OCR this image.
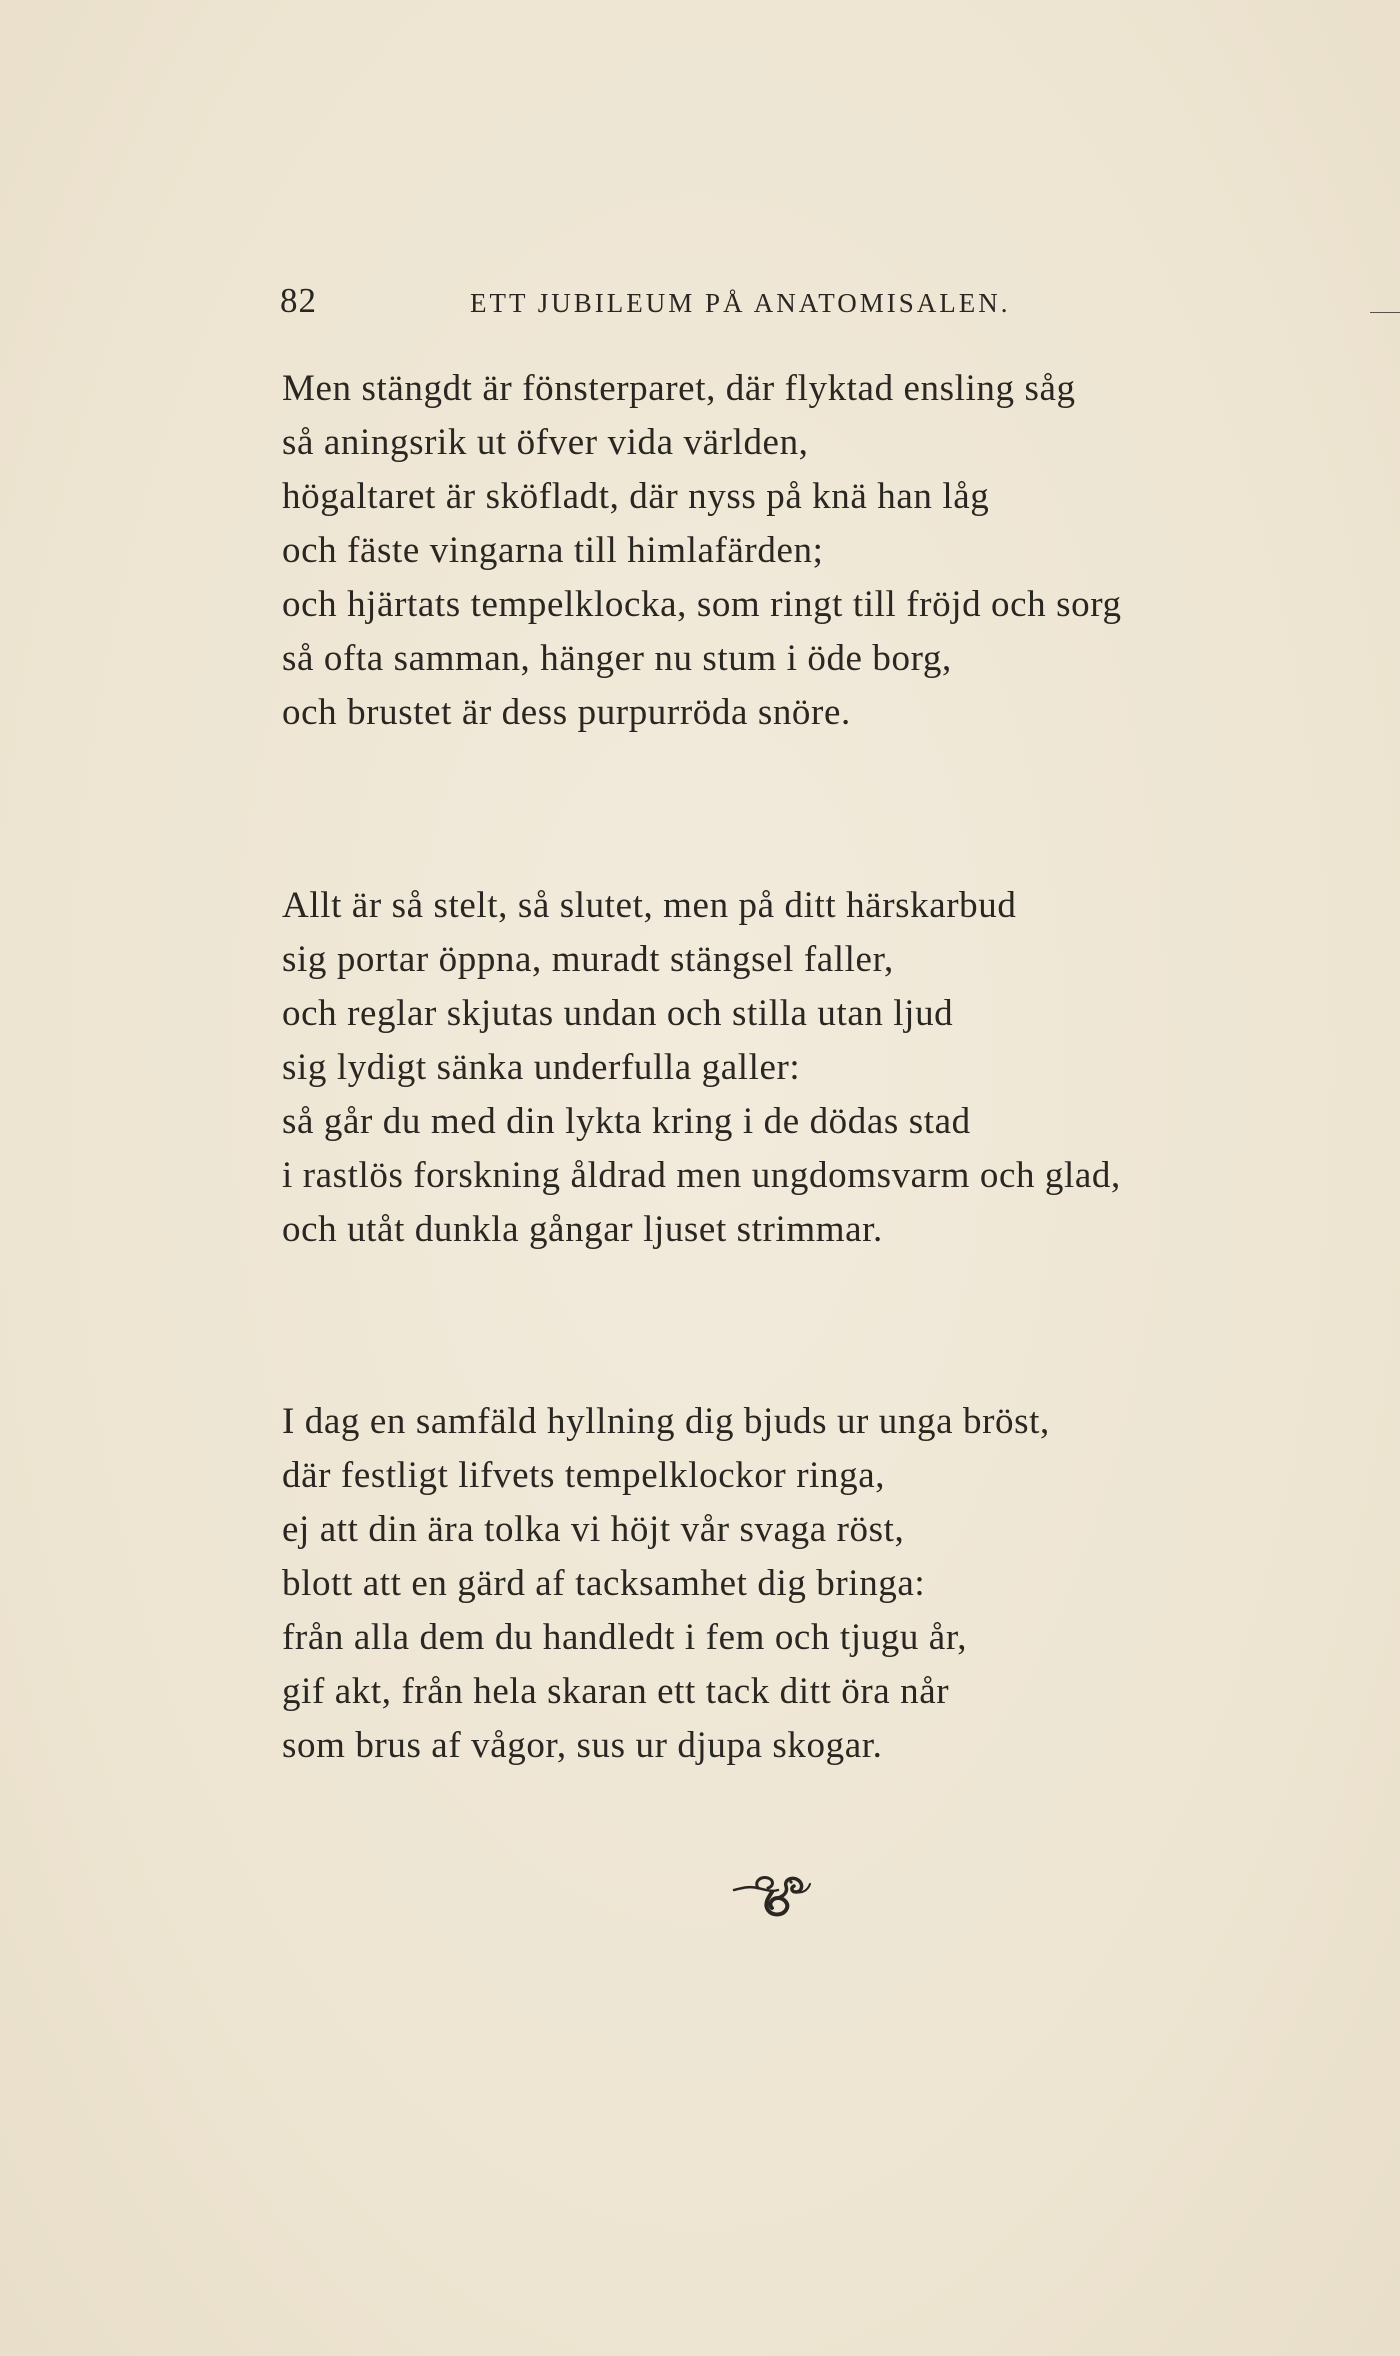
82	ETT JUBILEUM PÅ ANATOMISALEN.
Men stängdt är fönsterparet, där flyktad ensling såg
så aningsrik ut öfver vida världen,
högaltaret är sköfladt, där nyss på knä han låg
och fäste vingarna till himlafärden;
och hjärtats tempelklocka, som ringt till fröjd och sorg
så ofta samman, hänger nu stum i öde borg,
och brustet är dess purpurröda snöre.
Allt är så stelt, så slutet, men på ditt härskarbud
sig portar öppna, muradt stängsel faller,
och reglar skjutas undan och stilla utan ljud
sig lydigt sänka underfulla galler:
så går du med din lykta kring i de dödas stad
i rastlös forskning åldrad men ungdomsvarm och glad,
och utåt dunkla gångar ljuset strimmar.
I dag en samfäld hyllning dig bjuds ur unga bröst,
där festligt lifvets tempelklockor ringa,
ej att din ära tolka vi höjt vår svaga röst,
blott att en gärd af tacksamhet dig bringa:
från alla dem du handledt i fem och tjugu år,
gif akt, från hela skaran ett tack ditt öra når
som brus af vågor, sus ur djupa skogar.
